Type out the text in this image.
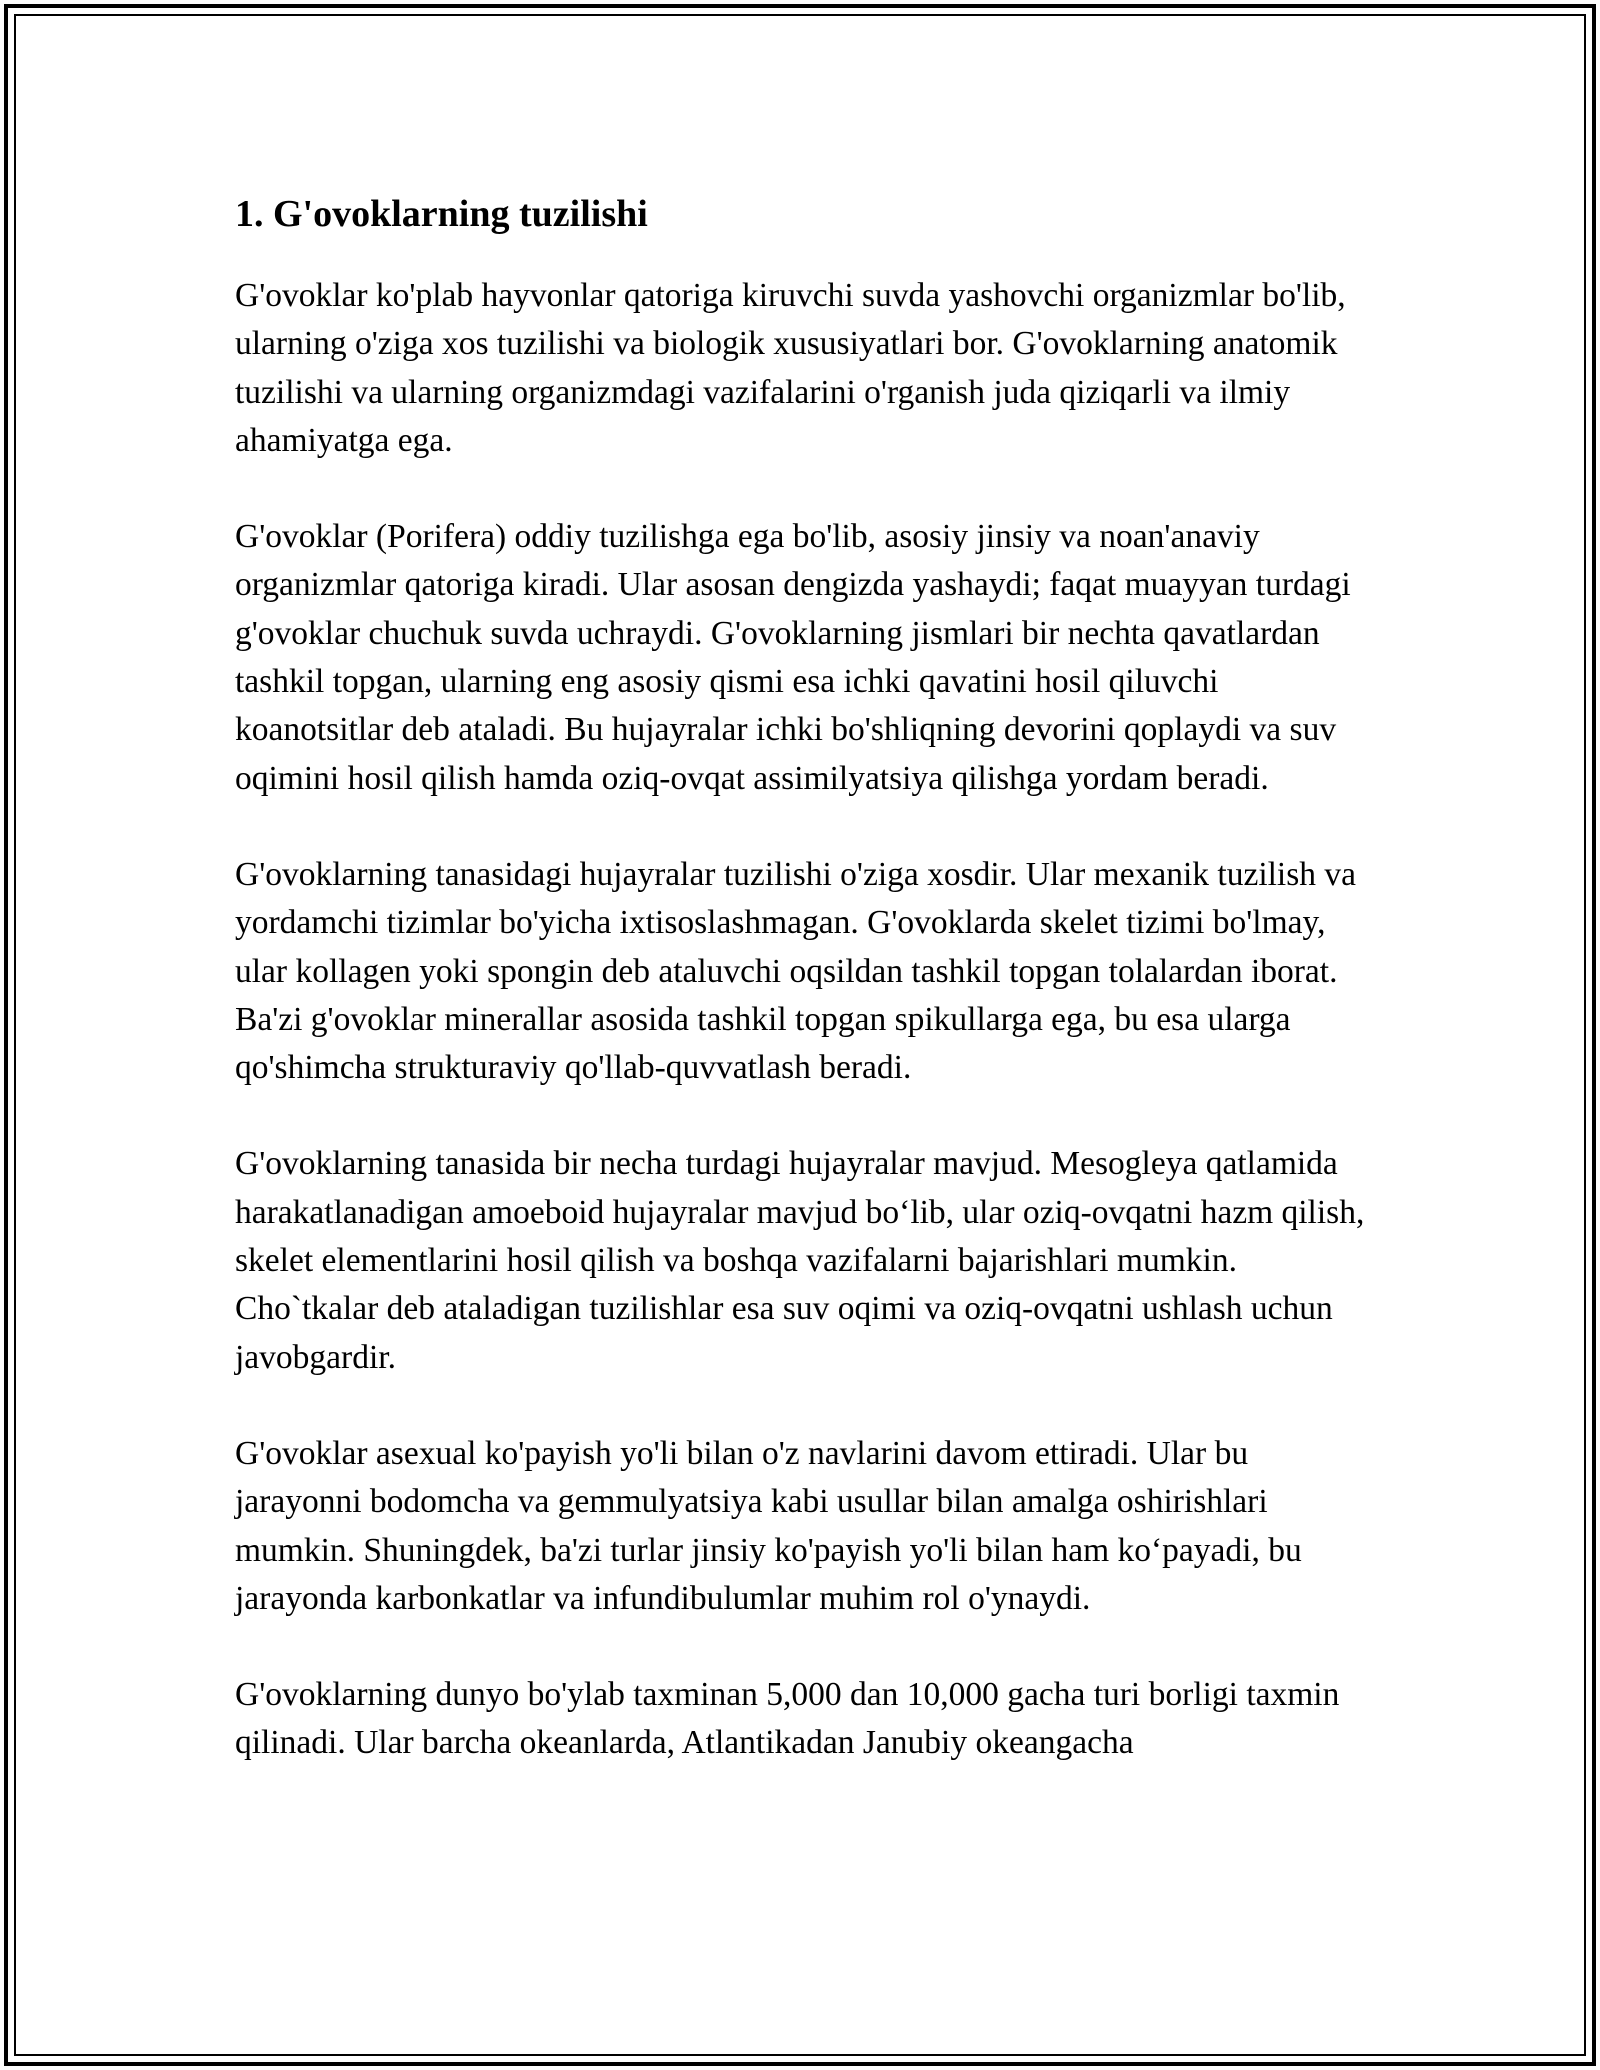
1. G'ovoklarning tuzilishi

G'ovoklar ko'plab hayvonlar qatoriga kiruvchi suvda yashovchi organizmlar bo'lib, ularning o'ziga xos tuzilishi va biologik xususiyatlari bor. G'ovoklarning anatomik tuzilishi va ularning organizmdagi vazifalarini o'rganish juda qiziqarli va ilmiy ahamiyatga ega.

G'ovoklar (Porifera) oddiy tuzilishga ega bo'lib, asosiy jinsiy va noan'anaviy organizmlar qatoriga kiradi. Ular asosan dengizda yashaydi; faqat muayyan turdagi g'ovoklar chuchuk suvda uchraydi. G'ovoklarning jismlari bir nechta qavatlardan tashkil topgan, ularning eng asosiy qismi esa ichki qavatini hosil qiluvchi koanotsitlar deb ataladi. Bu hujayralar ichki bo'shliqning devorini qoplaydi va suv oqimini hosil qilish hamda oziq-ovqat assimilyatsiya qilishga yordam beradi.

G'ovoklarning tanasidagi hujayralar tuzilishi o'ziga xosdir. Ular mexanik tuzilish va yordamchi tizimlar bo'yicha ixtisoslashmagan. G'ovoklarda skelet tizimi bo'lmay, ular kollagen yoki spongin deb ataluvchi oqsildan tashkil topgan tolalardan iborat. Ba'zi g'ovoklar minerallar asosida tashkil topgan spikullarga ega, bu esa ularga qo'shimcha strukturaviy qo'llab-quvvatlash beradi.

G'ovoklarning tanasida bir necha turdagi hujayralar mavjud. Mesogleya qatlamida harakatlanadigan amoeboid hujayralar mavjud bo‘lib, ular oziq-ovqatni hazm qilish, skelet elementlarini hosil qilish va boshqa vazifalarni bajarishlari mumkin. Cho`tkalar deb ataladigan tuzilishlar esa suv oqimi va oziq-ovqatni ushlash uchun javobgardir.

G'ovoklar asexual ko'payish yo'li bilan o'z navlarini davom ettiradi. Ular bu jarayonni bodomcha va gemmulyatsiya kabi usullar bilan amalga oshirishlari mumkin. Shuningdek, ba'zi turlar jinsiy ko'payish yo'li bilan ham ko‘payadi, bu jarayonda karbonkatlar va infundibulumlar muhim rol o'ynaydi.

G'ovoklarning dunyo bo'ylab taxminan 5,000 dan 10,000 gacha turi borligi taxmin qilinadi. Ular barcha okeanlarda, Atlantikadan Janubiy okeangacha
